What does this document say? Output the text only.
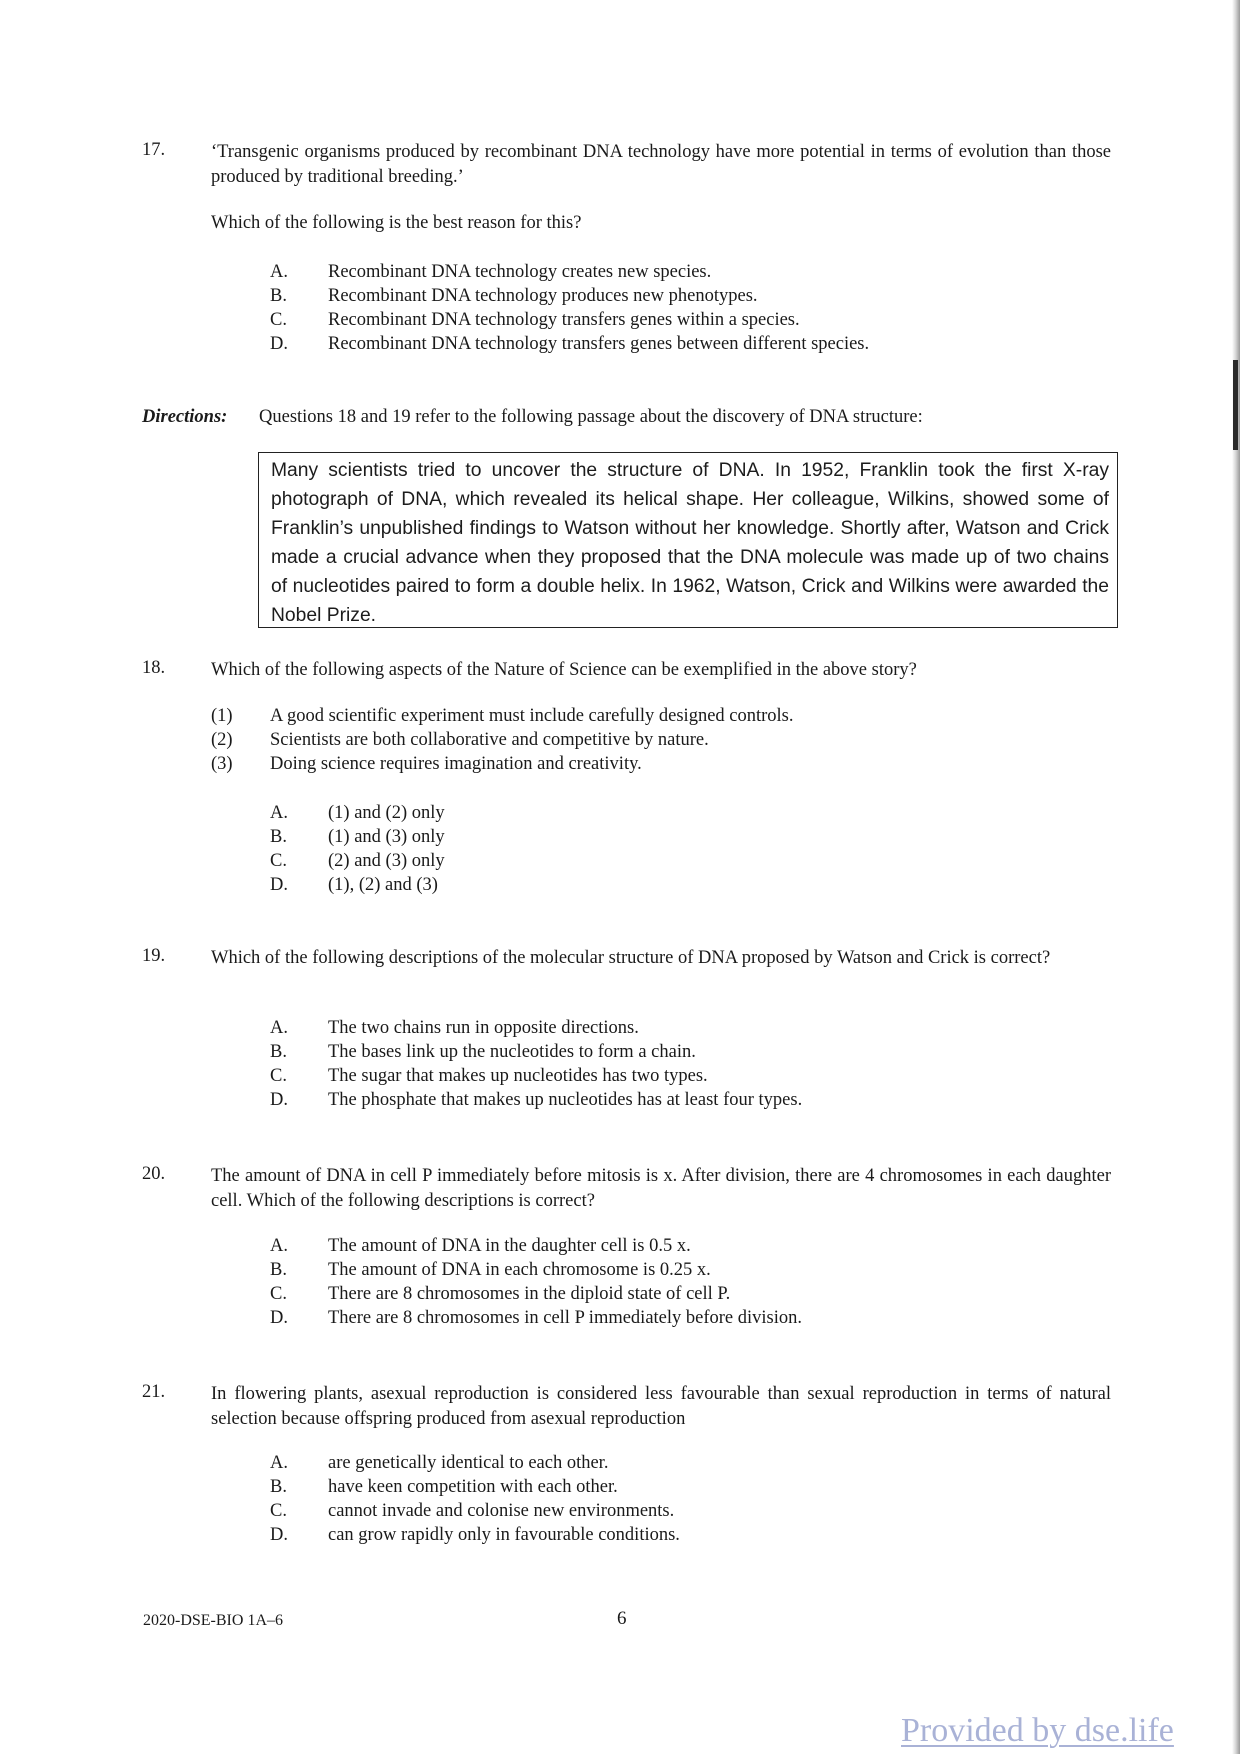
17. ‘Transgenic organisms produced by recombinant DNA technology have more potential in terms of evolution than those produced by traditional breeding.’
Which of the following is the best reason for this?
A. Recombinant DNA technology creates new species.
B. Recombinant DNA technology produces new phenotypes.
C. Recombinant DNA technology transfers genes within a species.
D. Recombinant DNA technology transfers genes between different species.
Directions: Questions 18 and 19 refer to the following passage about the discovery of DNA structure:
Many scientists tried to uncover the structure of DNA. In 1952, Franklin took the first X-ray photograph of DNA, which revealed its helical shape. Her colleague, Wilkins, showed some of Franklin’s unpublished findings to Watson without her knowledge. Shortly after, Watson and Crick made a crucial advance when they proposed that the DNA molecule was made up of two chains of nucleotides paired to form a double helix. In 1962, Watson, Crick and Wilkins were awarded the Nobel Prize.
18. Which of the following aspects of the Nature of Science can be exemplified in the above story?
(1) A good scientific experiment must include carefully designed controls.
(2) Scientists are both collaborative and competitive by nature.
(3) Doing science requires imagination and creativity.
A. (1) and (2) only
B. (1) and (3) only
C. (2) and (3) only
D. (1), (2) and (3)
19. Which of the following descriptions of the molecular structure of DNA proposed by Watson and Crick is correct?
A. The two chains run in opposite directions.
B. The bases link up the nucleotides to form a chain.
C. The sugar that makes up nucleotides has two types.
D. The phosphate that makes up nucleotides has at least four types.
20. The amount of DNA in cell P immediately before mitosis is x. After division, there are 4 chromosomes in each daughter cell. Which of the following descriptions is correct?
A. The amount of DNA in the daughter cell is 0.5 x.
B. The amount of DNA in each chromosome is 0.25 x.
C. There are 8 chromosomes in the diploid state of cell P.
D. There are 8 chromosomes in cell P immediately before division.
21. In flowering plants, asexual reproduction is considered less favourable than sexual reproduction in terms of natural selection because offspring produced from asexual reproduction
A. are genetically identical to each other.
B. have keen competition with each other.
C. cannot invade and colonise new environments.
D. can grow rapidly only in favourable conditions.
2020-DSE-BIO 1A–6	6
Provided by dse.life
